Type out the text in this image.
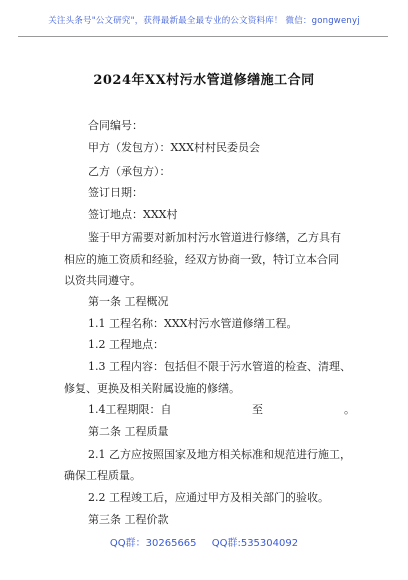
关注头条号"公文研究"，获得最新最全最专业的公文资料库！ 微信：gongwenyj
2024年XX村污水管道修缮施工合同
合同编号：
甲方（发包方）：XXX村村民委员会
乙方（承包方）：
签订日期：
签订地点：XXX村
鉴于甲方需要对新加村污水管道进行修缮，乙方具有
相应的施工资质和经验，经双方协商一致，特订立本合同
以资共同遵守。
第一条 工程概况
1.1 工程名称：XXX村污水管道修缮工程。
1.2 工程地点：
1.3 工程内容：包括但不限于污水管道的检查、清理、
修复、更换及相关附属设施的修缮。
1.4工程期限：自	至	。
第二条 工程质量
2.1 乙方应按照国家及地方相关标准和规范进行施工，
确保工程质量。
2.2 工程竣工后，应通过甲方及相关部门的验收。
第三条 工程价款
QQ群：30265665 QQ群:535304092
